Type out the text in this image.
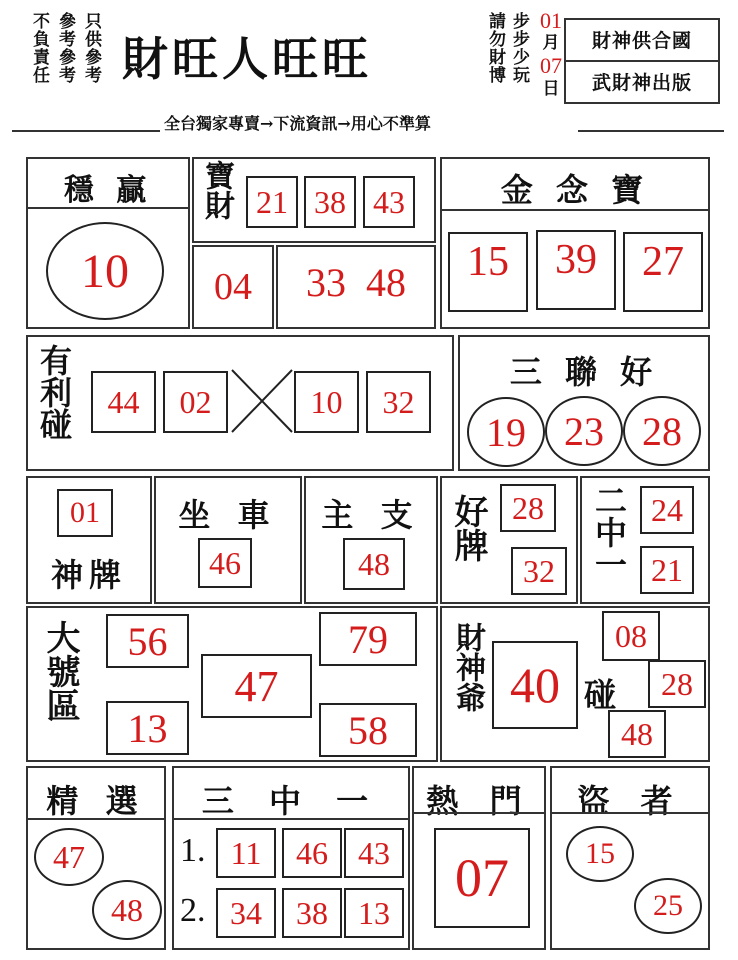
只供參考
參考參考
不負責任 財旺人旺旺	請勿財博 步步少玩 01
月
07
日
財神供合國
武財神出版
全台獨家專賣→下流資訊→用心不準算
穩 贏
10
寶財 21 38 43
04	33 48
金 念 寶
15	39	27
有利碰	44	02	10	32
三 聯 好
19 23 28
神牌
01	坐 車
46
主 支
48
好牌 28
32	二中一 24
21
大號區	56
13
47
79
58
財神爺 40 碰
08
28
48
精 選
47
48
三 中 一
1. 11	46 43
2. 34	38 13
熱 門
07
盜 者
15
25
